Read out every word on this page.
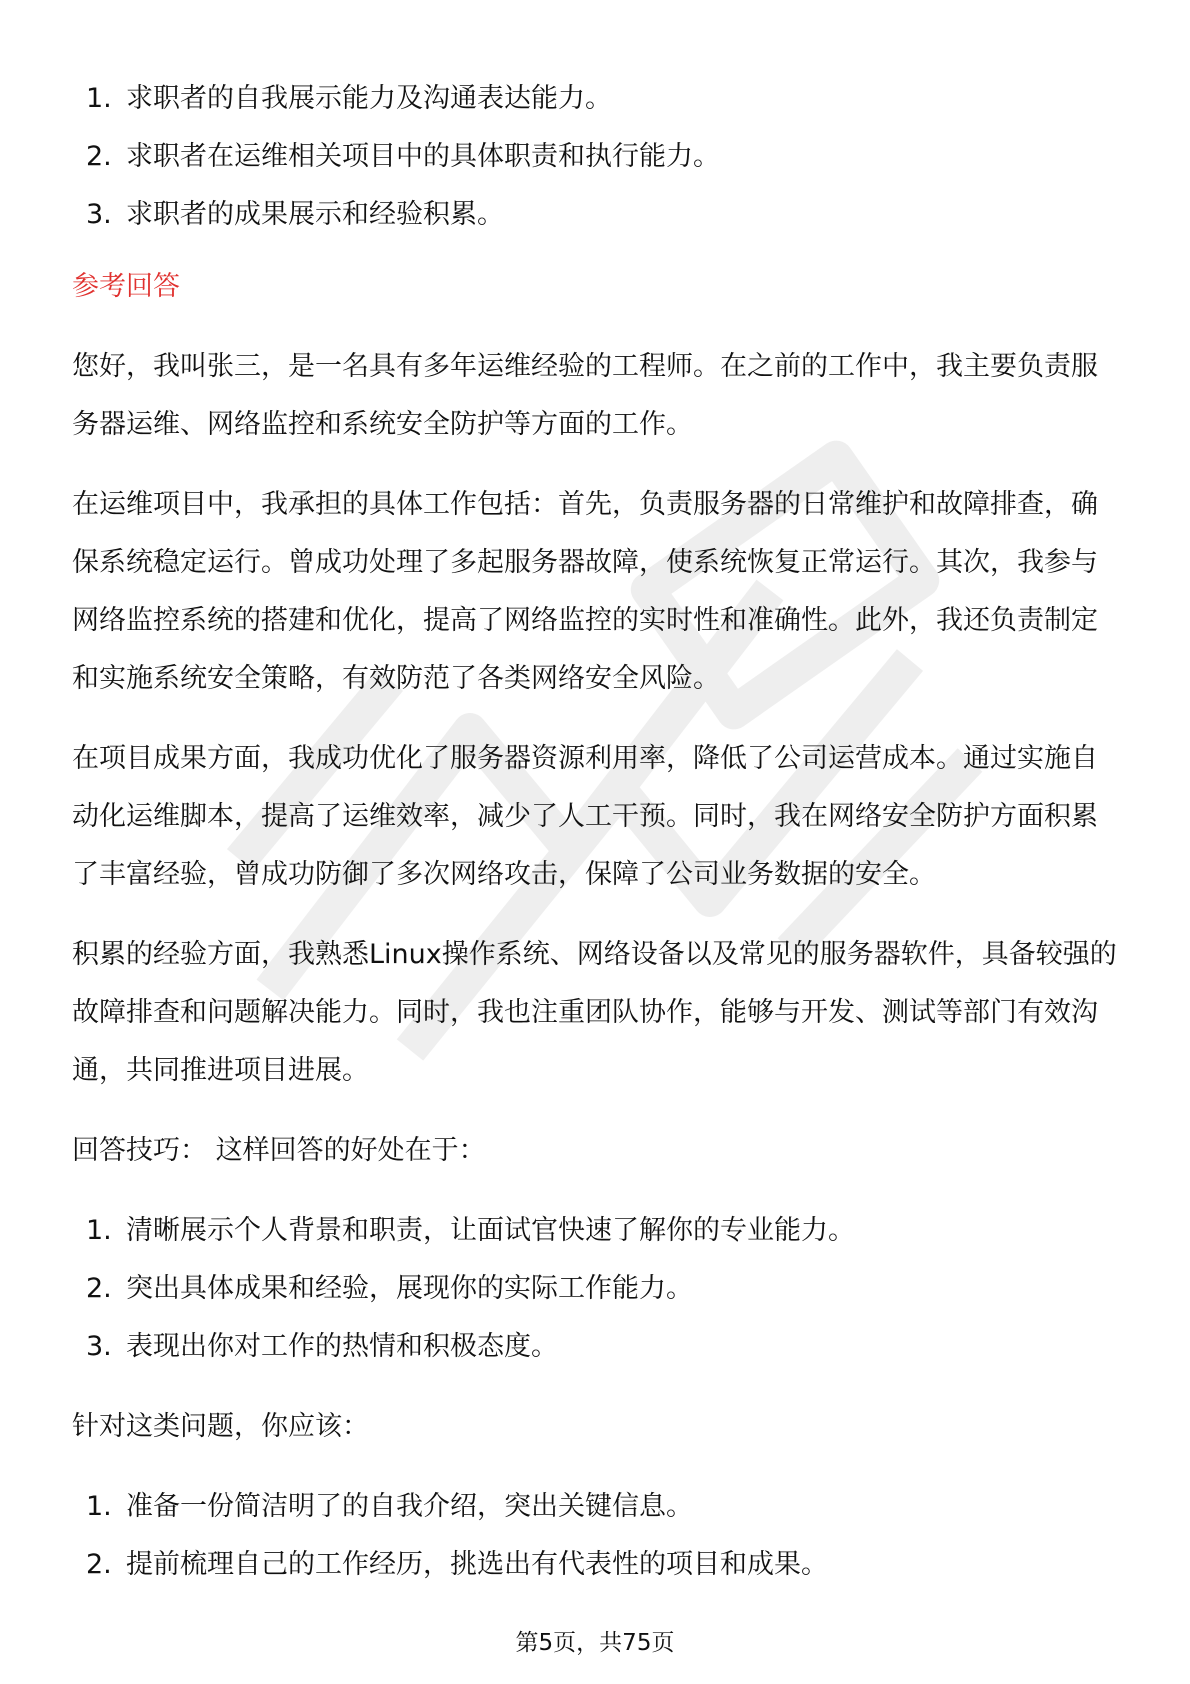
1. 求职者的自我展示能力及沟通表达能力。
2. 求职者在运维相关项目中的具体职责和执行能力。
3. 求职者的成果展示和经验积累。
参考回答

您好，我叫张三，是一名具有多年运维经验的工程师。在之前的工作中，我主要负责服务器运维、网络监控和系统安全防护等方面的工作。

在运维项目中，我承担的具体工作包括：首先，负责服务器的日常维护和故障排查，确保系统稳定运行。曾成功处理了多起服务器故障，使系统恢复正常运行。其次，我参与网络监控系统的搭建和优化，提高了网络监控的实时性和准确性。此外，我还负责制定和实施系统安全策略，有效防范了各类网络安全风险。

在项目成果方面，我成功优化了服务器资源利用率，降低了公司运营成本。通过实施自动化运维脚本，提高了运维效率，减少了人工干预。同时，我在网络安全防护方面积累了丰富经验，曾成功防御了多次网络攻击，保障了公司业务数据的安全。

积累的经验方面，我熟悉Linux操作系统、网络设备以及常见的服务器软件，具备较强的故障排查和问题解决能力。同时，我也注重团队协作，能够与开发、测试等部门有效沟通，共同推进项目进展。

回答技巧： 这样回答的好处在于：
1. 清晰展示个人背景和职责，让面试官快速了解你的专业能力。
2. 突出具体成果和经验，展现你的实际工作能力。
3. 表现出你对工作的热情和积极态度。
针对这类问题，你应该：
1. 准备一份简洁明了的自我介绍，突出关键信息。
2. 提前梳理自己的工作经历，挑选出有代表性的项目和成果。
第5页，共75页
